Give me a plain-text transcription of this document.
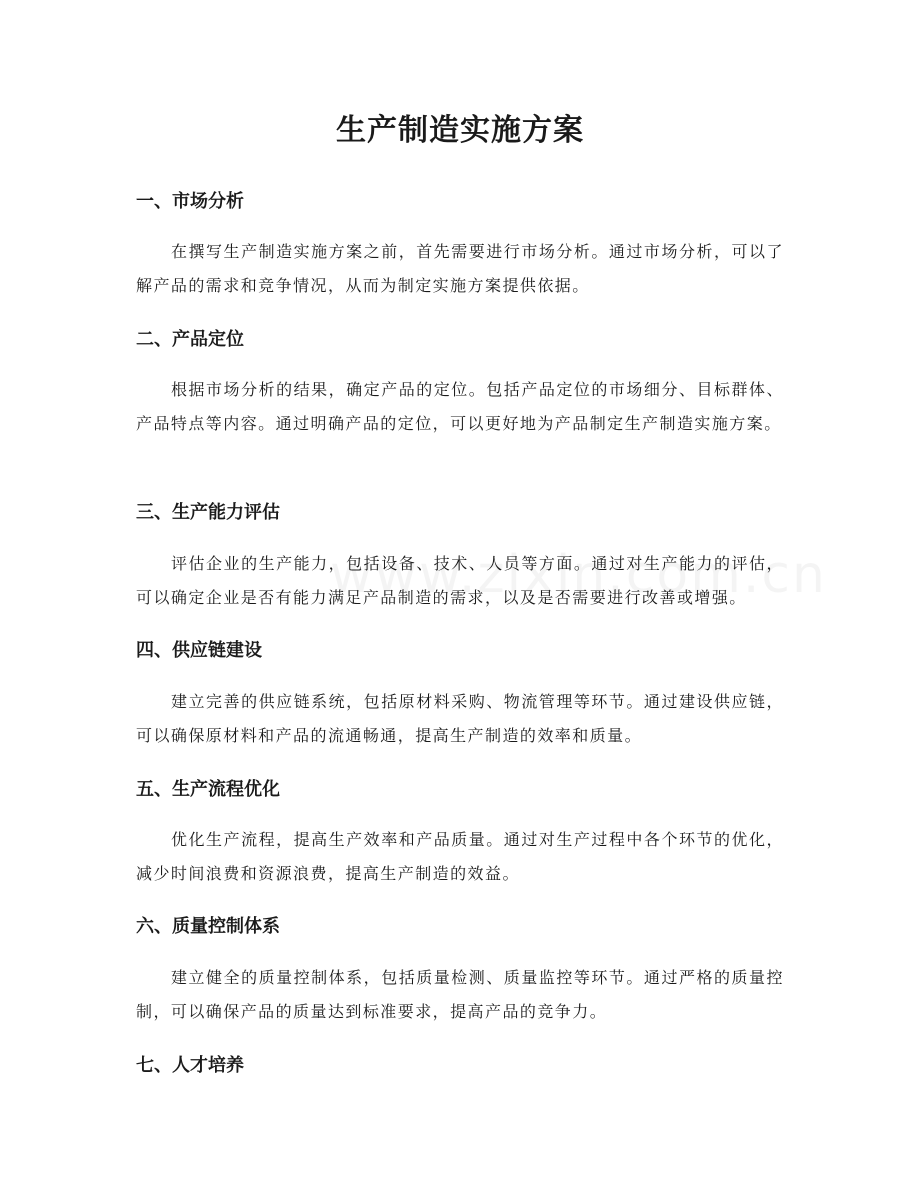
生产制造实施方案
一、市场分析

在撰写生产制造实施方案之前，首先需要进行市场分析。通过市场分析，可以了解产品的需求和竞争情况，从而为制定实施方案提供依据。

二、产品定位

根据市场分析的结果，确定产品的定位。包括产品定位的市场细分、目标群体、产品特点等内容。通过明确产品的定位，可以更好地为产品制定生产制造实施方案。

三、生产能力评估

评估企业的生产能力，包括设备、技术、人员等方面。通过对生产能力的评估，可以确定企业是否有能力满足产品制造的需求，以及是否需要进行改善或增强。

四、供应链建设

建立完善的供应链系统，包括原材料采购、物流管理等环节。通过建设供应链，可以确保原材料和产品的流通畅通，提高生产制造的效率和质量。

五、生产流程优化

优化生产流程，提高生产效率和产品质量。通过对生产过程中各个环节的优化，减少时间浪费和资源浪费，提高生产制造的效益。

六、质量控制体系

建立健全的质量控制体系，包括质量检测、质量监控等环节。通过严格的质量控制，可以确保产品的质量达到标准要求，提高产品的竞争力。

七、人才培养
